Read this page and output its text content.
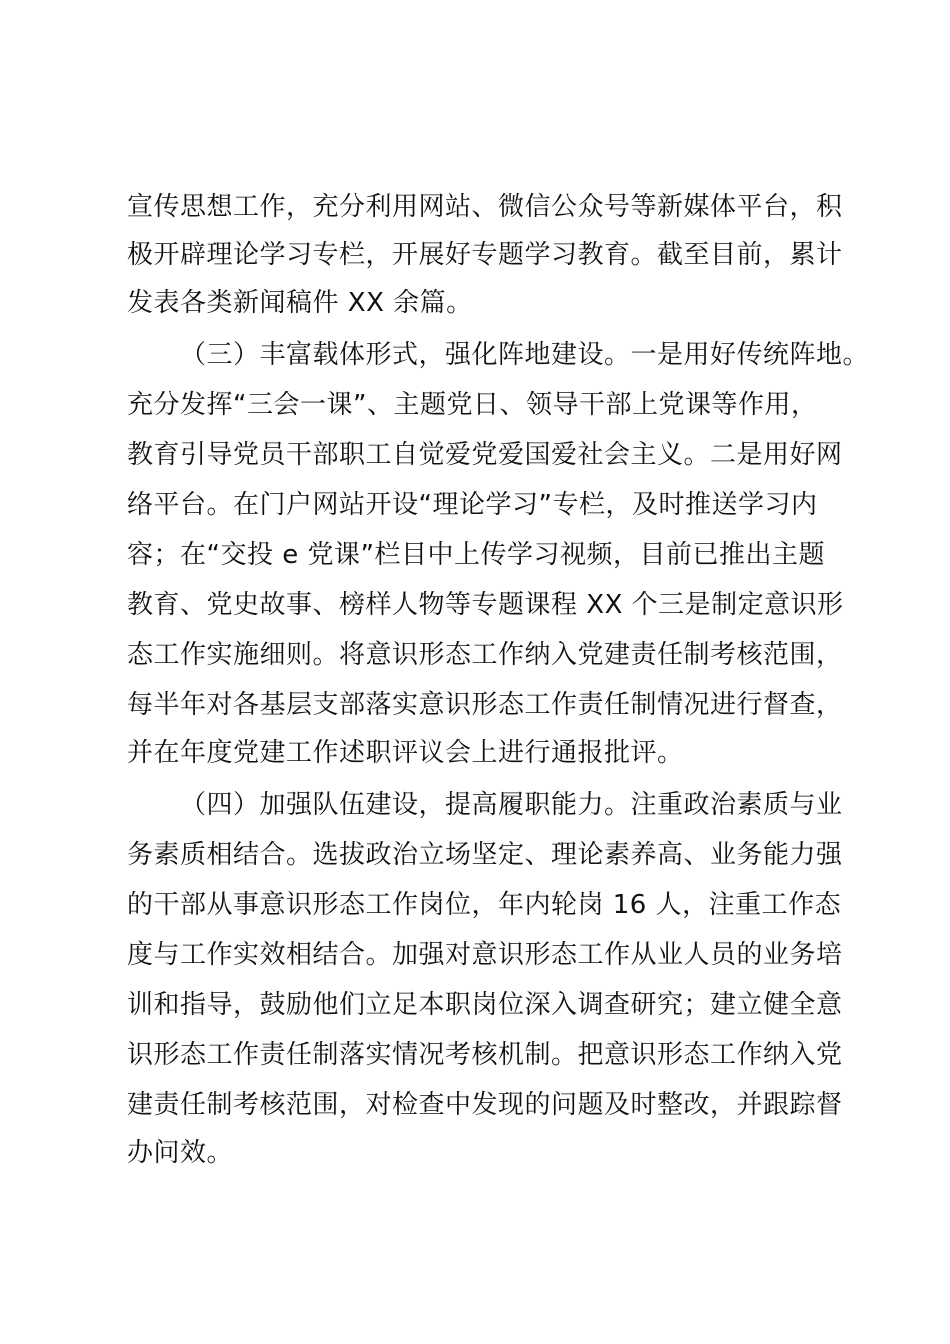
宣传思想工作，充分利用网站、微信公众号等新媒体平台，积
极开辟理论学习专栏，开展好专题学习教育。截至目前，累计
发表各类新闻稿件 XX 余篇。
（三）丰富载体形式，强化阵地建设。一是用好传统阵地。
充分发挥“三会一课”、主题党日、领导干部上党课等作用，
教育引导党员干部职工自觉爱党爱国爱社会主义。二是用好网
络平台。在门户网站开设“理论学习”专栏，及时推送学习内
容；在“交投 e 党课”栏目中上传学习视频，目前已推出主题
教育、党史故事、榜样人物等专题课程 XX 个三是制定意识形
态工作实施细则。将意识形态工作纳入党建责任制考核范围，
每半年对各基层支部落实意识形态工作责任制情况进行督查，
并在年度党建工作述职评议会上进行通报批评。
（四）加强队伍建设，提高履职能力。注重政治素质与业
务素质相结合。选拔政治立场坚定、理论素养高、业务能力强
的干部从事意识形态工作岗位，年内轮岗 16 人，注重工作态
度与工作实效相结合。加强对意识形态工作从业人员的业务培
训和指导，鼓励他们立足本职岗位深入调查研究；建立健全意
识形态工作责任制落实情况考核机制。把意识形态工作纳入党
建责任制考核范围，对检查中发现的问题及时整改，并跟踪督
办问效。
